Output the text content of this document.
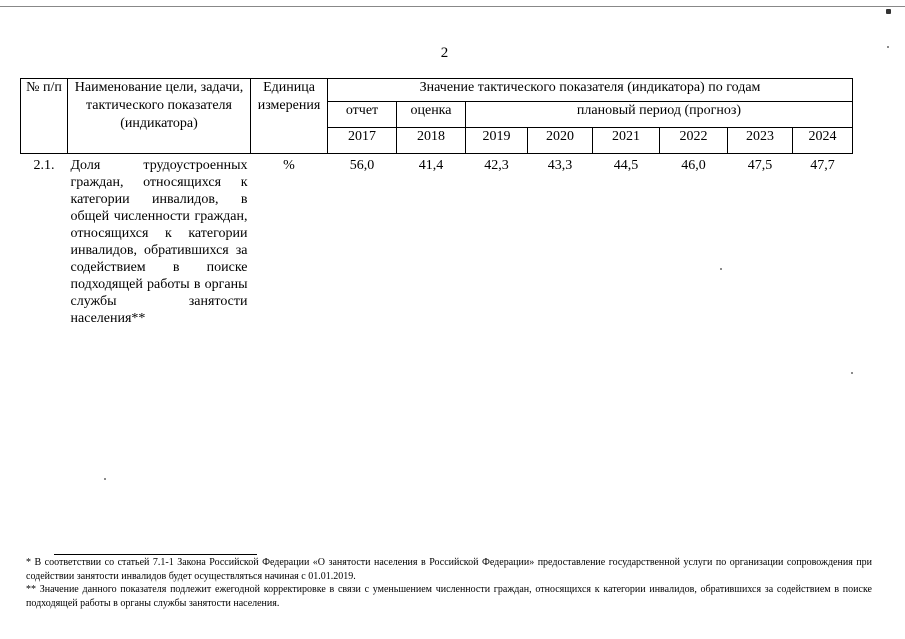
2
№ п/п	Наименование цели, задачи, тактического показателя (индикатора)	Единица измерения	Значение тактического показателя (индикатора) по годам							
			отчет	оценка	плановый период (прогноз)					
			2017	2018	2019	2020	2021	2022	2023	2024
2.1.	Доля трудоустроенных граждан, относящихся к категории инвалидов, в общей численности граждан, относящихся к категории инвалидов, обратившихся за содействием в поиске подходящей работы в органы службы занятости населения**	%	56,0	41,4	42,3	43,3	44,5	46,0	47,5	47,7
* В соответствии со статьей 7.1-1 Закона Российской Федерации «О занятости населения в Российской Федерации» предоставление государственной услуги по организации сопровождения при содействии занятости инвалидов будет осуществляться начиная с 01.01.2019.
** Значение данного показателя подлежит ежегодной корректировке в связи с уменьшением численности граждан, относящихся к категории инвалидов, обратившихся за содействием в поиске подходящей работы в органы службы занятости населения.
